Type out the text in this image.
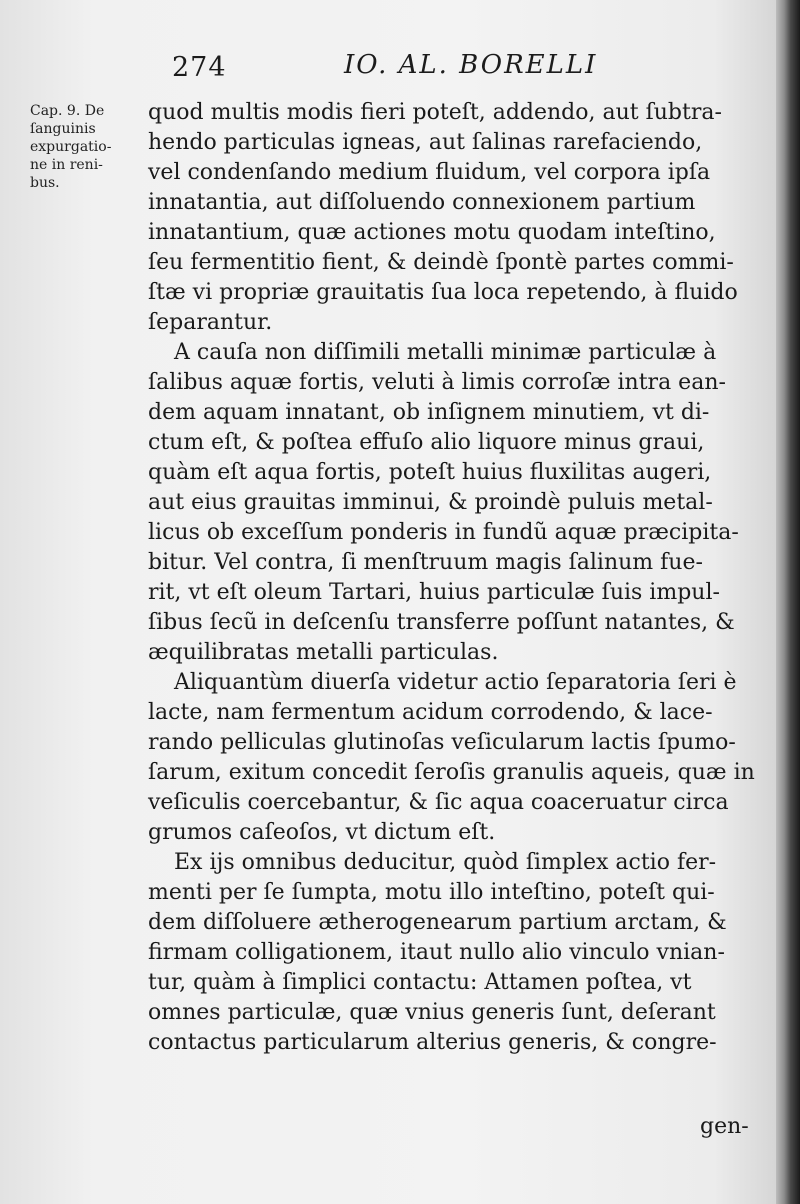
274	IO. AL. BORELLI
Cap. 9. De
ſanguinis
expurgatio-
ne in reni-
bus.
quod multis modis fieri poteſt, addendo, aut ſubtra-
hendo particulas igneas, aut ſalinas rarefaciendo,
vel condenſando medium fluidum, vel corpora ipſa
innatantia, aut diſſoluendo connexionem partium
innatantium, quæ actiones motu quodam inteſtino,
ſeu fermentitio fient, & deindè ſpontè partes commi-
ſtæ vi propriæ grauitatis ſua loca repetendo, à fluido
ſeparantur.
A cauſa non diſſimili metalli minimæ particulæ à
ſalibus aquæ fortis, veluti à limis corroſæ intra ean-
dem aquam innatant, ob inſignem minutiem, vt di-
ctum eſt, & poſtea effuſo alio liquore minus graui,
quàm eſt aqua fortis, poteſt huius fluxilitas augeri,
aut eius grauitas imminui, & proindè puluis metal-
licus ob exceſſum ponderis in fundũ aquæ præcipita-
bitur. Vel contra, ſi menſtruum magis ſalinum fue-
rit, vt eſt oleum Tartari, huius particulæ ſuis impul-
ſibus ſecũ in deſcenſu transferre poſſunt natantes, &
æquilibratas metalli particulas.
Aliquantùm diuerſa videtur actio ſeparatoria ſeri è
lacte, nam fermentum acidum corrodendo, & lace-
rando pelliculas glutinoſas veſicularum lactis ſpumo-
ſarum, exitum concedit ſeroſis granulis aqueis, quæ in
veſiculis coercebantur, & ſic aqua coaceruatur circa
grumos caſeoſos, vt dictum eſt.
Ex ijs omnibus deducitur, quòd ſimplex actio fer-
menti per ſe ſumpta, motu illo inteſtino, poteſt qui-
dem diſſoluere ætherogenearum partium arctam, &
firmam colligationem, itaut nullo alio vinculo vnian-
tur, quàm à ſimplici contactu: Attamen poſtea, vt
omnes particulæ, quæ vnius generis ſunt, deſerant
contactus particularum alterius generis, & congre-
gen-
